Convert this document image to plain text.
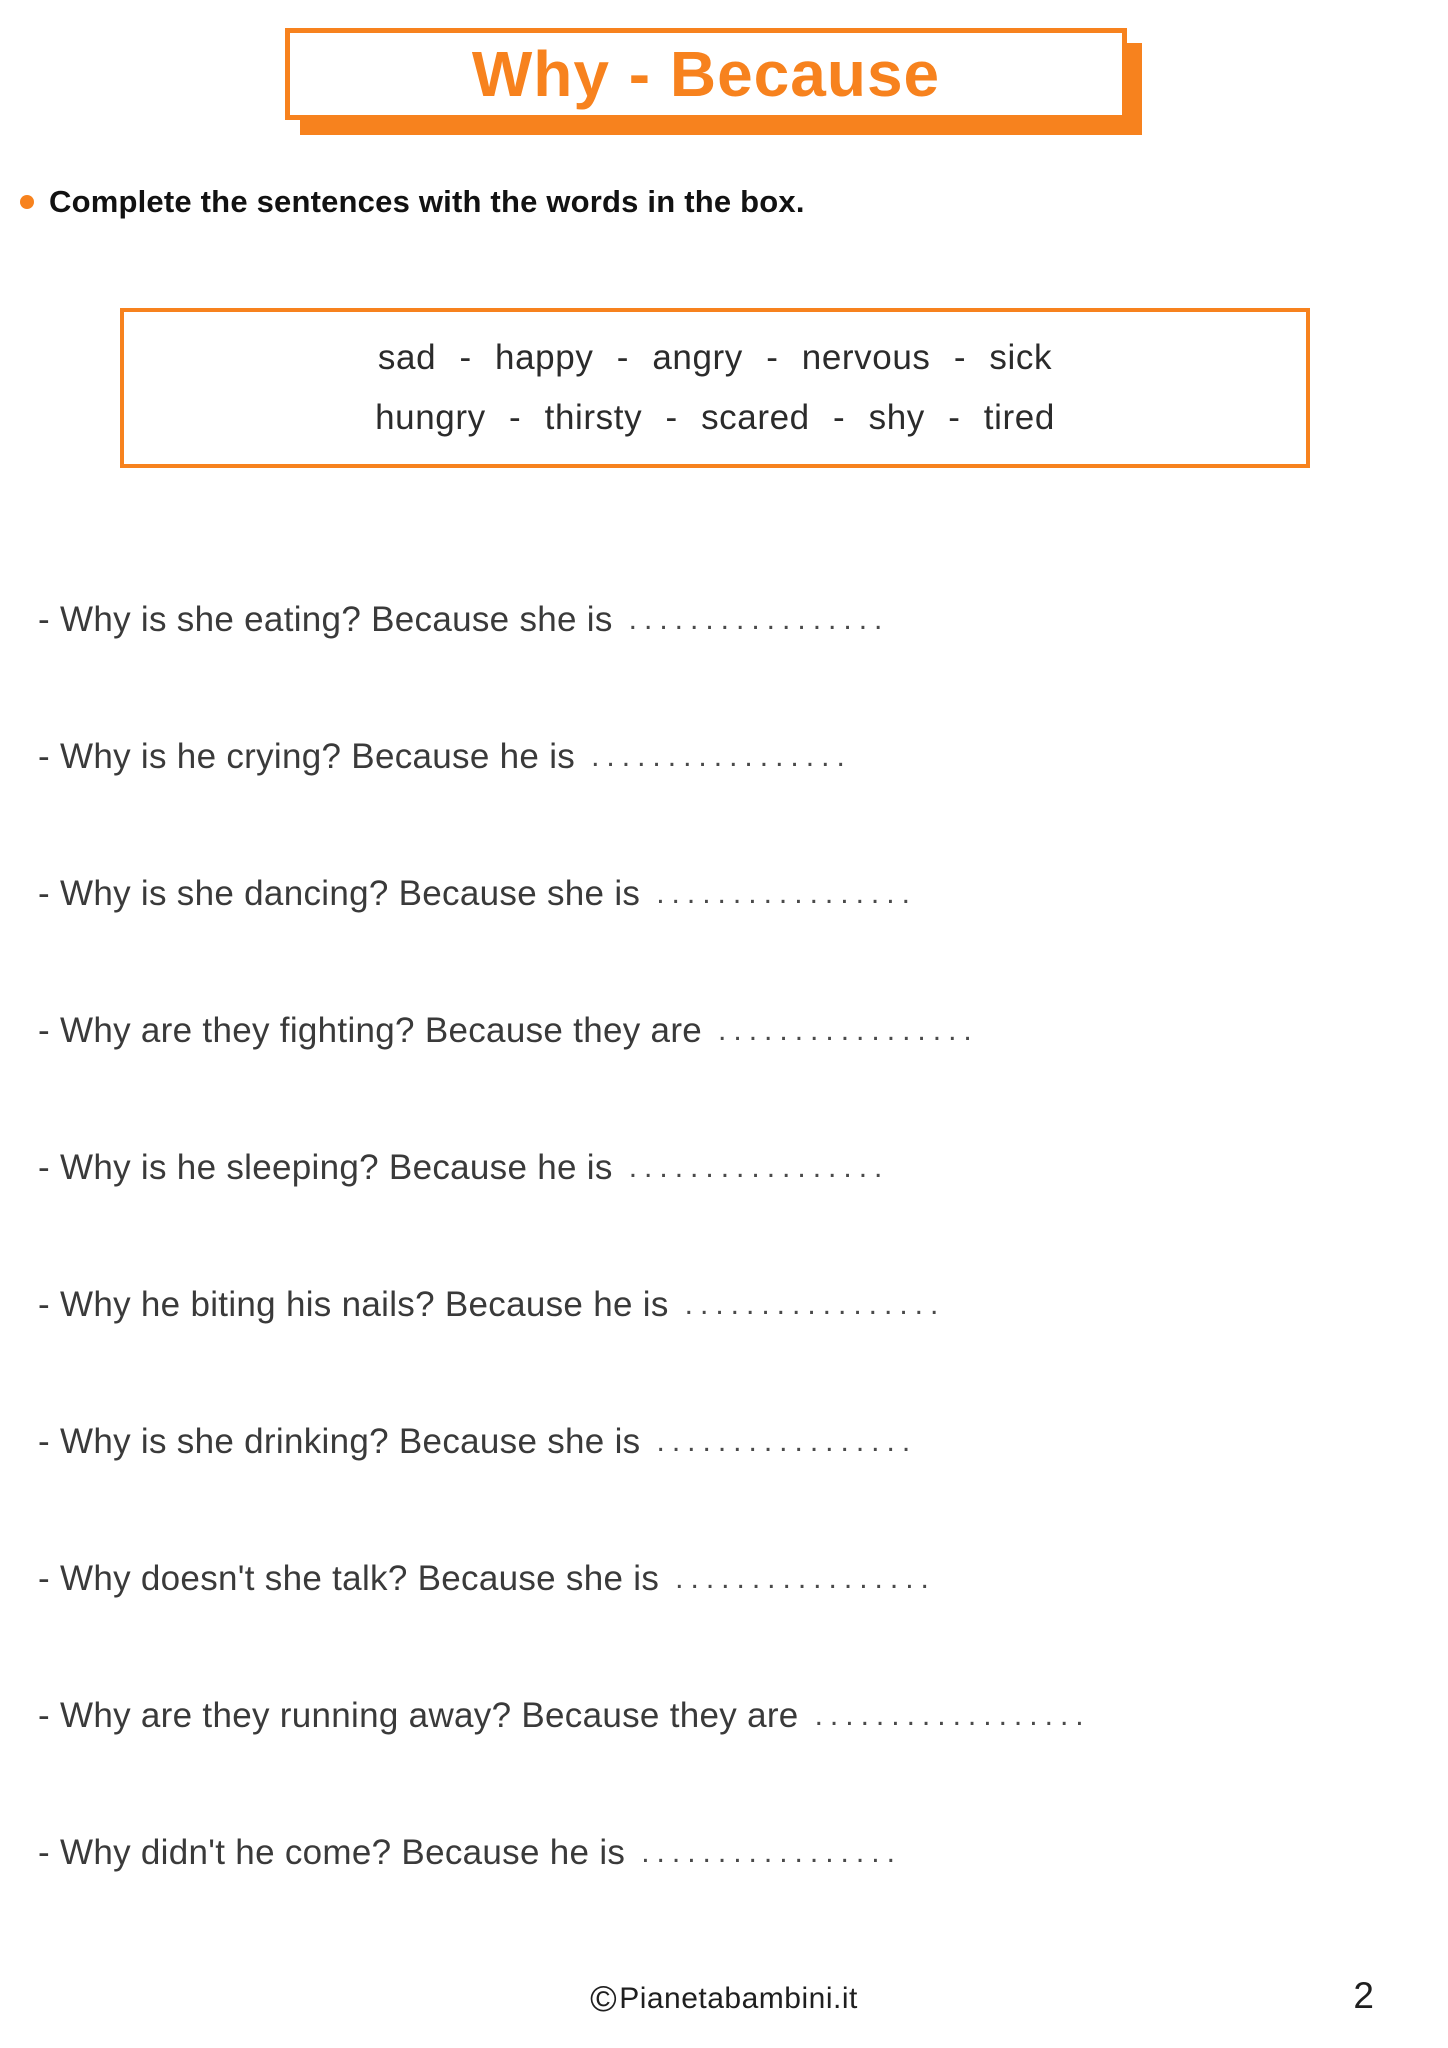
Why - Because
Complete the sentences with the words in the box.
sad - happy - angry - nervous - sick
hungry - thirsty - scared - shy - tired
- Why is she eating? Because she is .................
- Why is he crying? Because he is .................
- Why is she dancing? Because she is .................
- Why are they fighting? Because they are .................
- Why is he sleeping? Because he is .................
- Why he biting his nails? Because he is .................
- Why is she drinking? Because she is .................
- Why doesn't she talk? Because she is .................
- Why are they running away? Because they are ..................
- Why didn't he come? Because he is .................
©Pianetabambini.it	2
